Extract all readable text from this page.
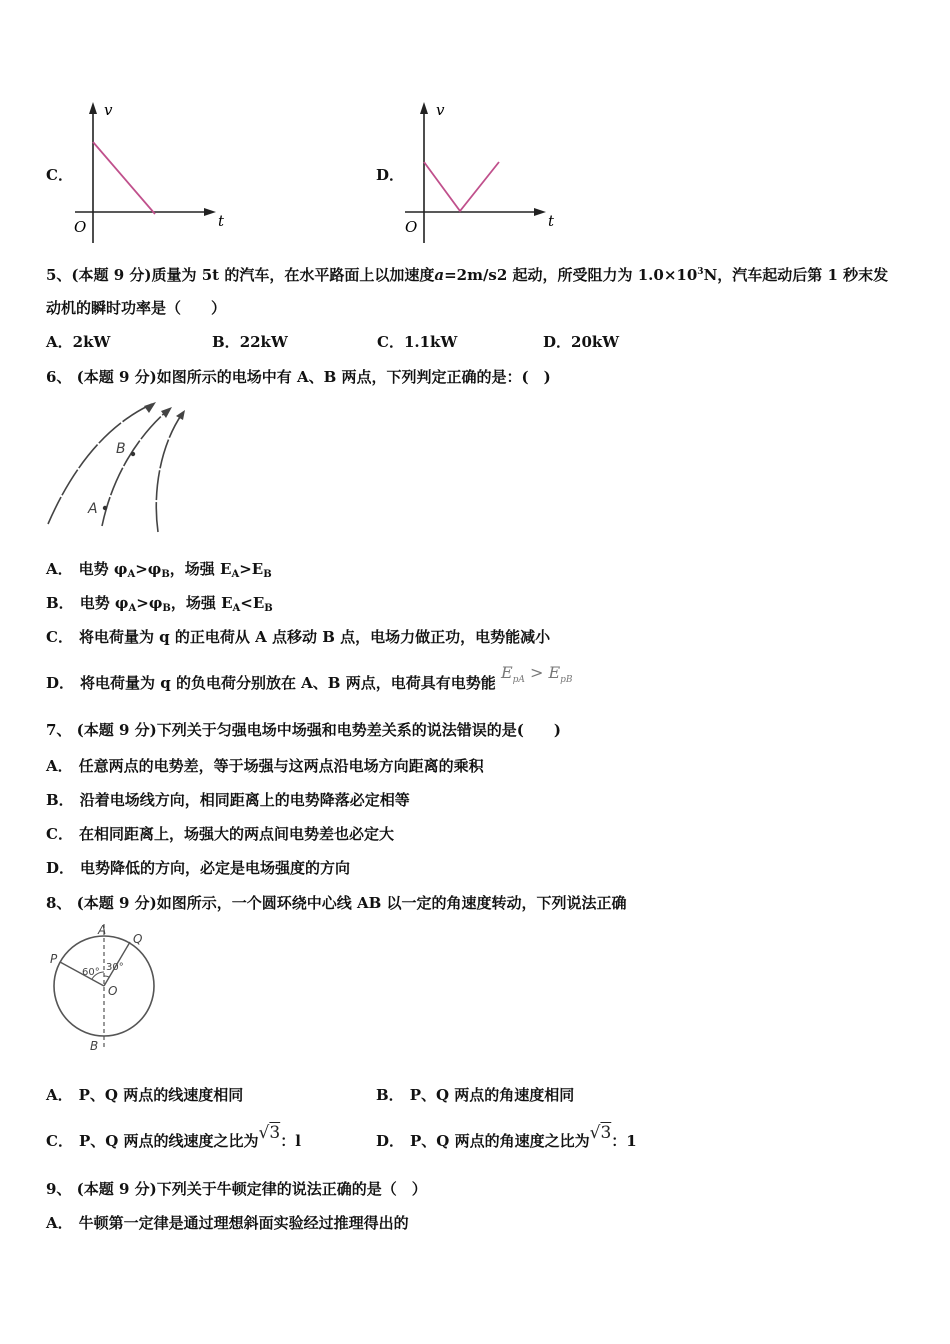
C．
v
t
O
D．
v
t
O
5、(本题 9 分)质量为 5t 的汽车，在水平路面上以加速度a=2m/s2 起动，所受阻力为 $1.0\times 10^3N$，汽车起动后第 1 秒末发
动机的瞬时功率是（　　）
A．2kW	B．22kW	C．1.1kW	D．20kW
6、 (本题 9 分)如图所示的电场中有 A、B 两点，下列判定正确的是：(　)
A
B
A． 电势 $\varphi_A>\varphi_B$，场强 $E_A>E_B$
B． 电势 $\varphi_A>\varphi_B$，场强 $E_A<E_B$
C． 将电荷量为 q 的正电荷从 A 点移动 B 点，电场力做正功，电势能减小
D． 将电荷量为 q 的负电荷分别放在 A、B 两点，电荷具有电势能 $E_{pA} > E_{pB}$
7、 (本题 9 分)下列关于匀强电场中场强和电势差关系的说法错误的是(　　)
A． 任意两点的电势差，等于场强与这两点沿电场方向距离的乘积
B． 沿着电场线方向，相同距离上的电势降落必定相等
C． 在相同距离上，场强大的两点间电势差也必定大
D． 电势降低的方向，必定是电场强度的方向
8、 (本题 9 分)如图所示，一个圆环绕中心线 AB 以一定的角速度转动，下列说法正确
A
B
P
Q
O
60° 30°
A． P、Q 两点的线速度相同	B． P、Q 两点的角速度相同
C． P、Q 两点的线速度之比为√3：l	D． P、Q 两点的角速度之比为√3：1
9、 (本题 9 分)下列关于牛顿定律的说法正确的是（　）
A． 牛顿第一定律是通过理想斜面实验经过推理得出的
